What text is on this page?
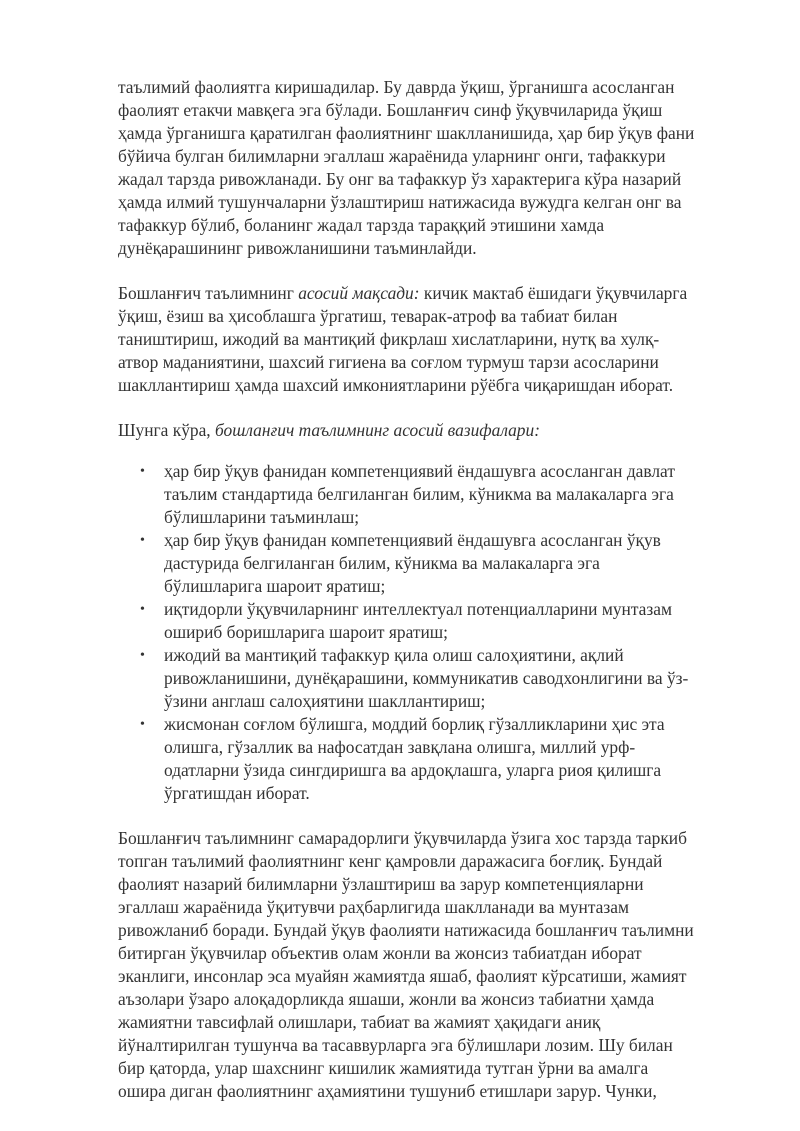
таълимий фаолиятга киришадилар. Бу даврда ўқиш, ўрганишга асосланган
фаолият етакчи мавқега эга бўлади. Бошланғич синф ўқувчиларида ўқиш
ҳамда ўрганишга қаратилган фаолиятнинг шаклланишида, ҳар бир ўқув фани
бўйича булган билимларни эгаллаш жараёнида уларнинг онги, тафаккури
жадал тарзда ривожланади. Бу онг ва тафаккур ўз характерига кўра назарий
ҳамда илмий тушунчаларни ўзлаштириш натижасида вужудга келган онг ва
тафаккур бўлиб, боланинг жадал тарзда тараққий этишини хамда
дунёқарашининг ривожланишини таъминлайди.

Бошланғич таълимнинг асосий мақсади: кичик мактаб ёшидаги ўқувчиларга
ўқиш, ёзиш ва ҳисоблашга ўргатиш, теварак-атроф ва табиат билан
таништириш, ижодий ва мантиқий фикрлаш хислатларини, нутқ ва хулқ-
атвор маданиятини, шахсий гигиена ва соғлом турмуш тарзи асосларини
шакллантириш ҳамда шахсий имкониятларини рўёбга чиқаришдан иборат.

Шунга кўра, бошланғич таълимнинг асосий вазифалари:

• ҳар бир ўқув фанидан компетенциявий ёндашувга асосланган давлат
таълим стандартида белгиланган билим, кўникма ва малакаларга эга
бўлишларини таъминлаш;
• ҳар бир ўқув фанидан компетенциявий ёндашувга асосланган ўқув
дастурида белгиланган билим, кўникма ва малакаларга эга
бўлишларига шароит яратиш;
• иқтидорли ўқувчиларнинг интеллектуал потенциалларини мунтазам
ошириб боришларига шароит яратиш;
• ижодий ва мантиқий тафаккур қила олиш салоҳиятини, ақлий
ривожланишини, дунёқарашини, коммуникатив саводхонлигини ва ўз-
ўзини англаш салоҳиятини шакллантириш;
• жисмонан соғлом бўлишга, моддий борлиқ гўзалликларини ҳис эта
олишга, гўзаллик ва нафосатдан завқлана олишга, миллий урф-
одатларни ўзида сингдиришга ва ардоқлашга, уларга риоя қилишга
ўргатишдан иборат.

Бошланғич таълимнинг самарадорлиги ўқувчиларда ўзига хос тарзда таркиб
топган таълимий фаолиятнинг кенг қамровли даражасига боғлиқ. Бундай
фаолият назарий билимларни ўзлаштириш ва зарур компетенцияларни
эгаллаш жараёнида ўқитувчи раҳбарлигида шаклланади ва мунтазам
ривожланиб боради. Бундай ўқув фаолияти натижасида бошланғич таълимни
битирган ўқувчилар объектив олам жонли ва жонсиз табиатдан иборат
эканлиги, инсонлар эса муайян жамиятда яшаб, фаолият кўрсатиши, жамият
аъзолари ўзаро алоқадорликда яшаши, жонли ва жонсиз табиатни ҳамда
жамиятни тавсифлай олишлари, табиат ва жамият ҳақидаги аниқ
йўналтирилган тушунча ва тасаввурларга эга бўлишлари лозим. Шу билан
бир қаторда, улар шахснинг кишилик жамиятида тутган ўрни ва амалга
ошира диган фаолиятнинг аҳамиятини тушуниб етишлари зарур. Чунки,
